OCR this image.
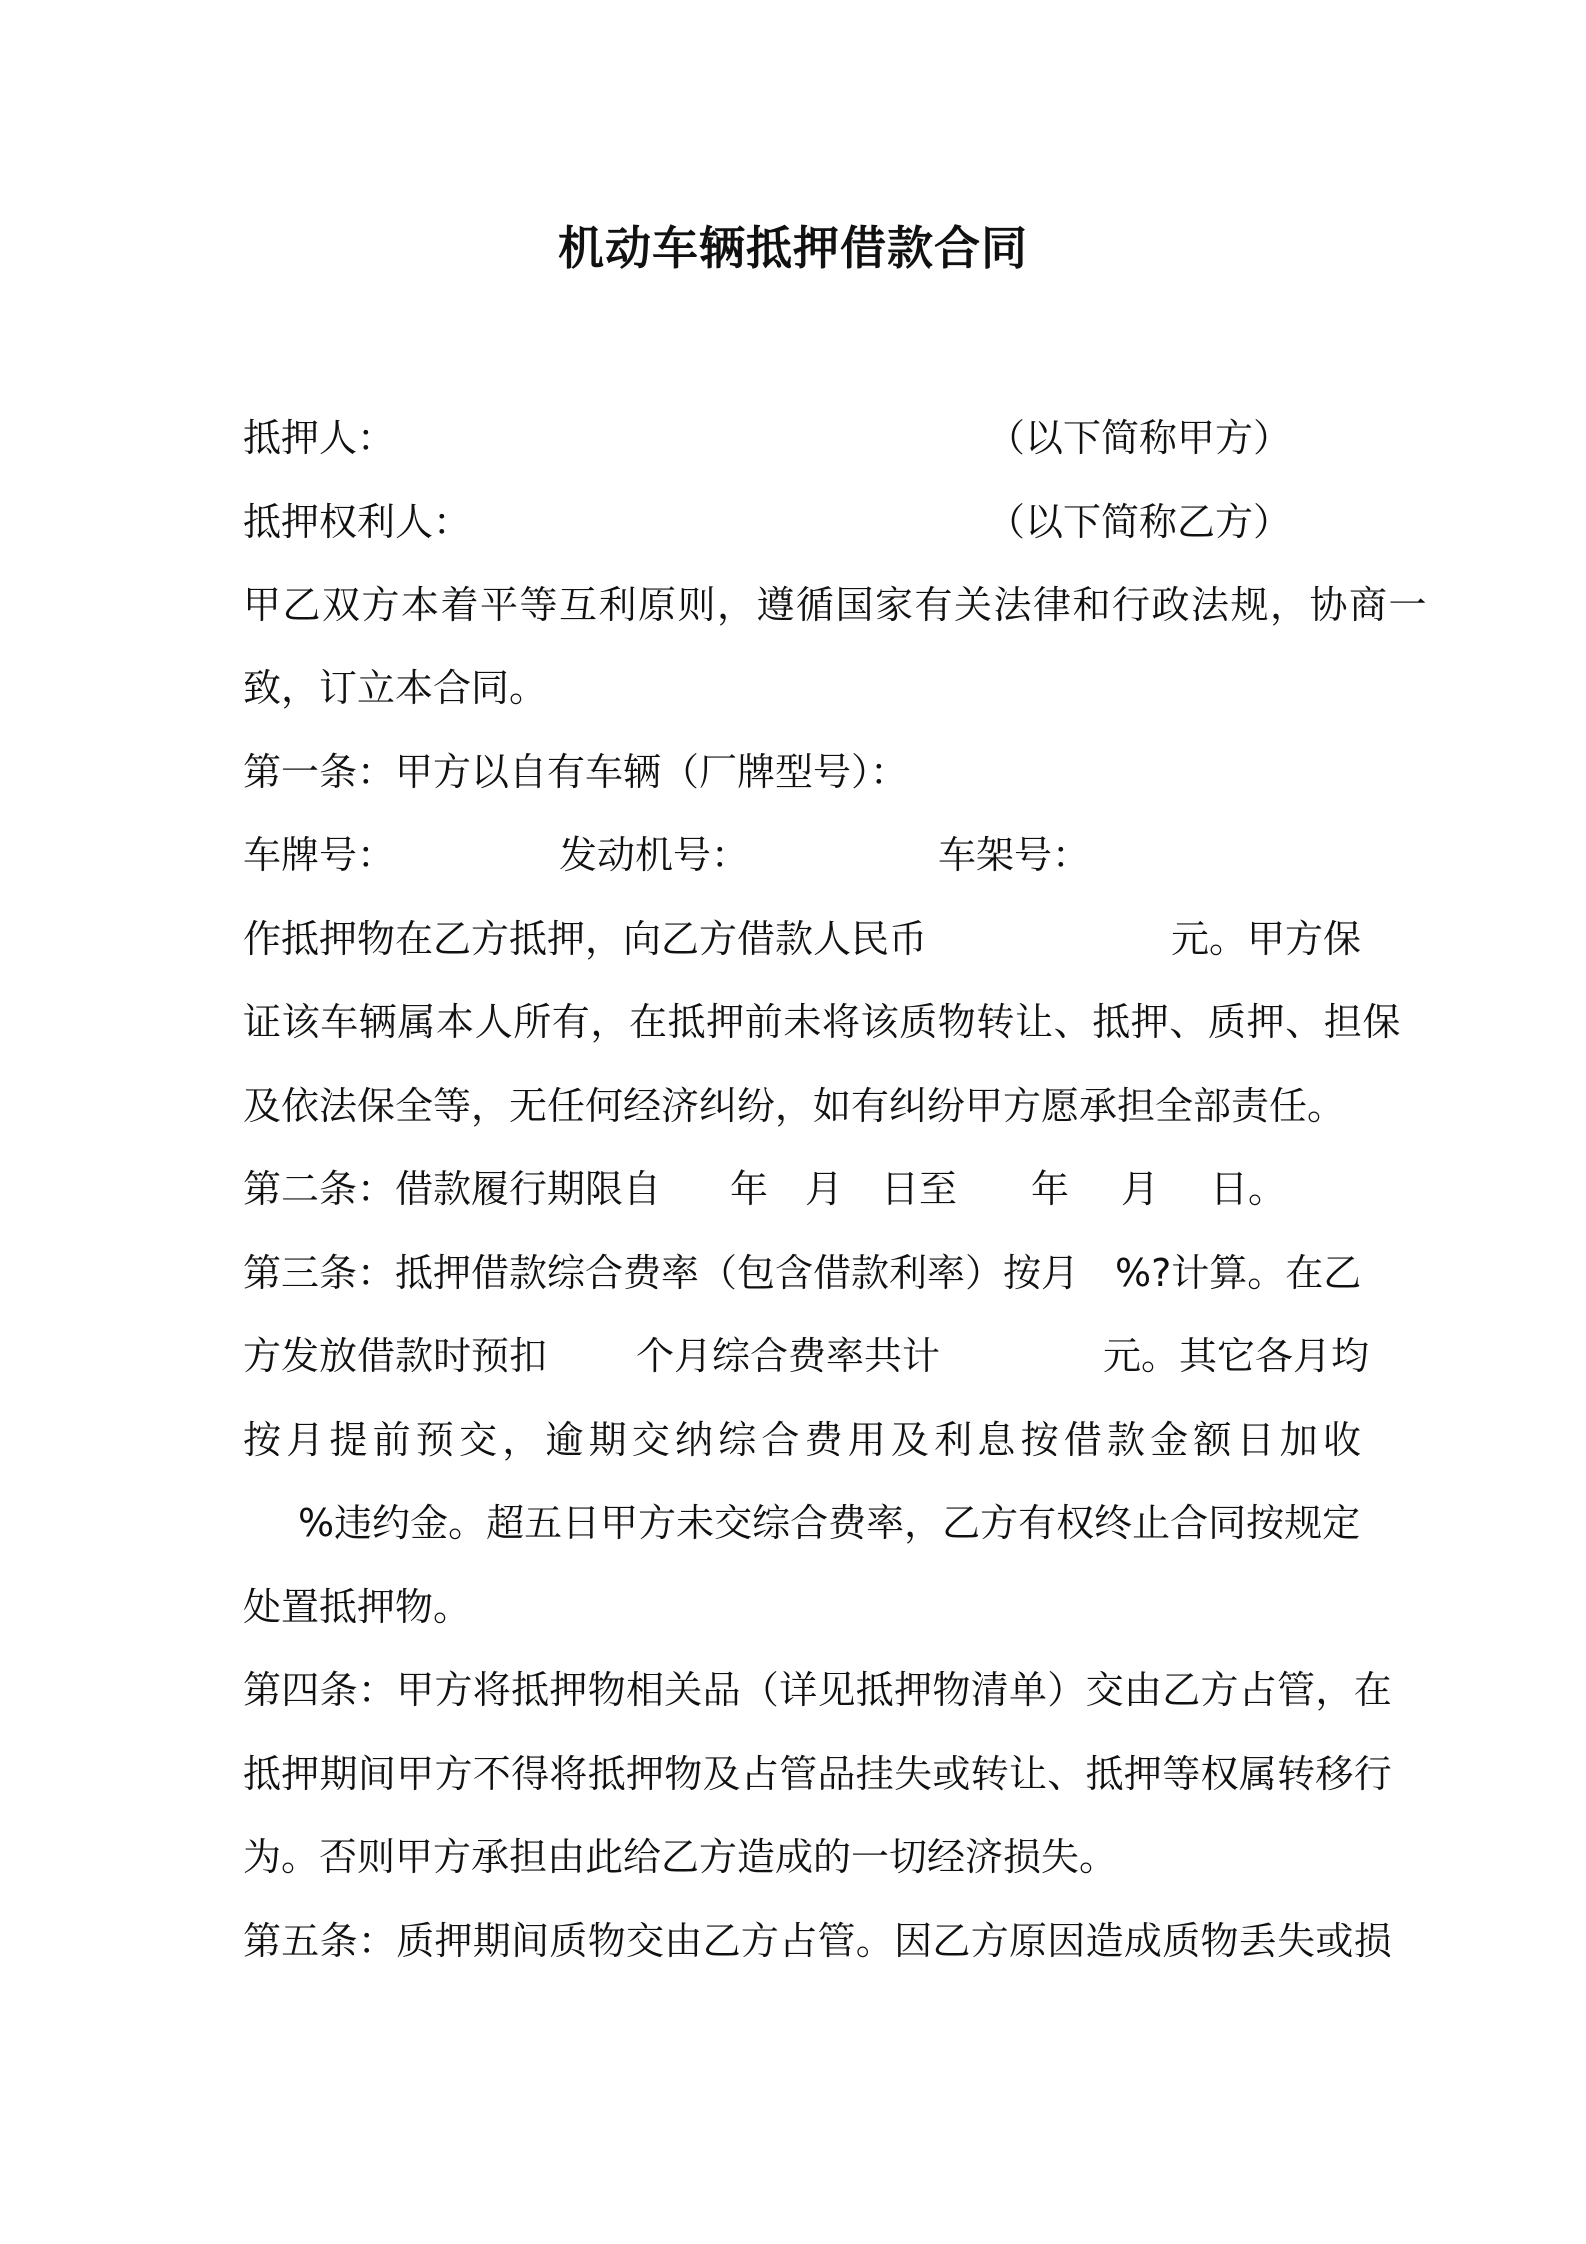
机动车辆抵押借款合同
抵押人：	（以下简称甲方）
抵押权利人：	（以下简称乙方）
甲乙双方本着平等互利原则，遵循国家有关法律和行政法规，协商一
致，订立本合同。
第一条：甲方以自有车辆（厂牌型号）：
车牌号：	发动机号：	车架号：
作抵押物在乙方抵押，向乙方借款人民币	元。甲方保
证该车辆属本人所有，在抵押前未将该质物转让、抵押、质押、担保
及依法保全等，无任何经济纠纷，如有纠纷甲方愿承担全部责任。
第二条：借款履行期限自 年 月 日至 年 月 日。
第三条：抵押借款综合费率（包含借款利率）按月 %?计算。在乙
方发放借款时预扣 个月综合费率共计	元。其它各月均
按月提前预交，逾期交纳综合费用及利息按借款金额日加收
%违约金。超五日甲方未交综合费率，乙方有权终止合同按规定
处置抵押物。
第四条：甲方将抵押物相关品（详见抵押物清单）交由乙方占管，在
抵押期间甲方不得将抵押物及占管品挂失或转让、抵押等权属转移行
为。否则甲方承担由此给乙方造成的一切经济损失。
第五条：质押期间质物交由乙方占管。因乙方原因造成质物丢失或损
